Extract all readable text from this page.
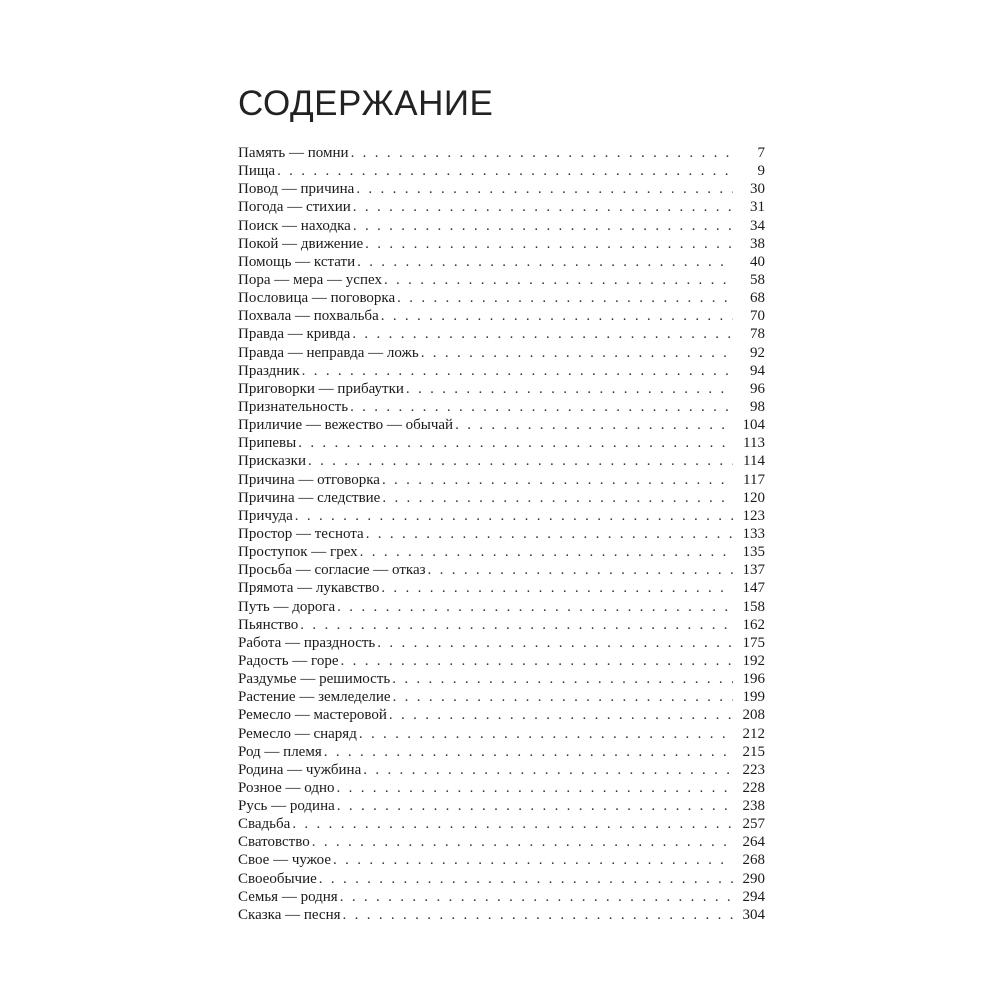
СОДЕРЖАНИЕ
Память — помни . . .	7
Пища . . .	9
Повод — причина . . .	30
Погода — стихии . . .	31
Поиск — находка . . .	34
Покой — движение . . .	38
Помощь — кстати . . .	40
Пора — мера — успех . . .	58
Пословица — поговорка . . .	68
Похвала — похвальба . . .	70
Правда — кривда . . .	78
Правда — неправда — ложь . . .	92
Праздник . . .	94
Приговорки — прибаутки . . .	96
Признательность . . .	98
Приличие — вежество — обычай . . .	104
Припевы . . .	113
Присказки . . .	114
Причина — отговорка . . .	117
Причина — следствие . . .	120
Причуда . . .	123
Простор — теснота . . .	133
Проступок — грех . . .	135
Просьба — согласие — отказ . . .	137
Прямота — лукавство . . .	147
Путь — дорога . . .	158
Пьянство . . .	162
Работа — праздность . . .	175
Радость — горе . . .	192
Раздумье — решимость . . .	196
Растение — земледелие . . .	199
Ремесло — мастеровой . . .	208
Ремесло — снаряд . . .	212
Род — племя . . .	215
Родина — чужбина . . .	223
Розное — одно . . .	228
Русь — родина . . .	238
Свадьба . . .	257
Сватовство . . .	264
Свое — чужое . . .	268
Своеобычие . . .	290
Семья — родня . . .	294
Сказка — песня . . .	304
